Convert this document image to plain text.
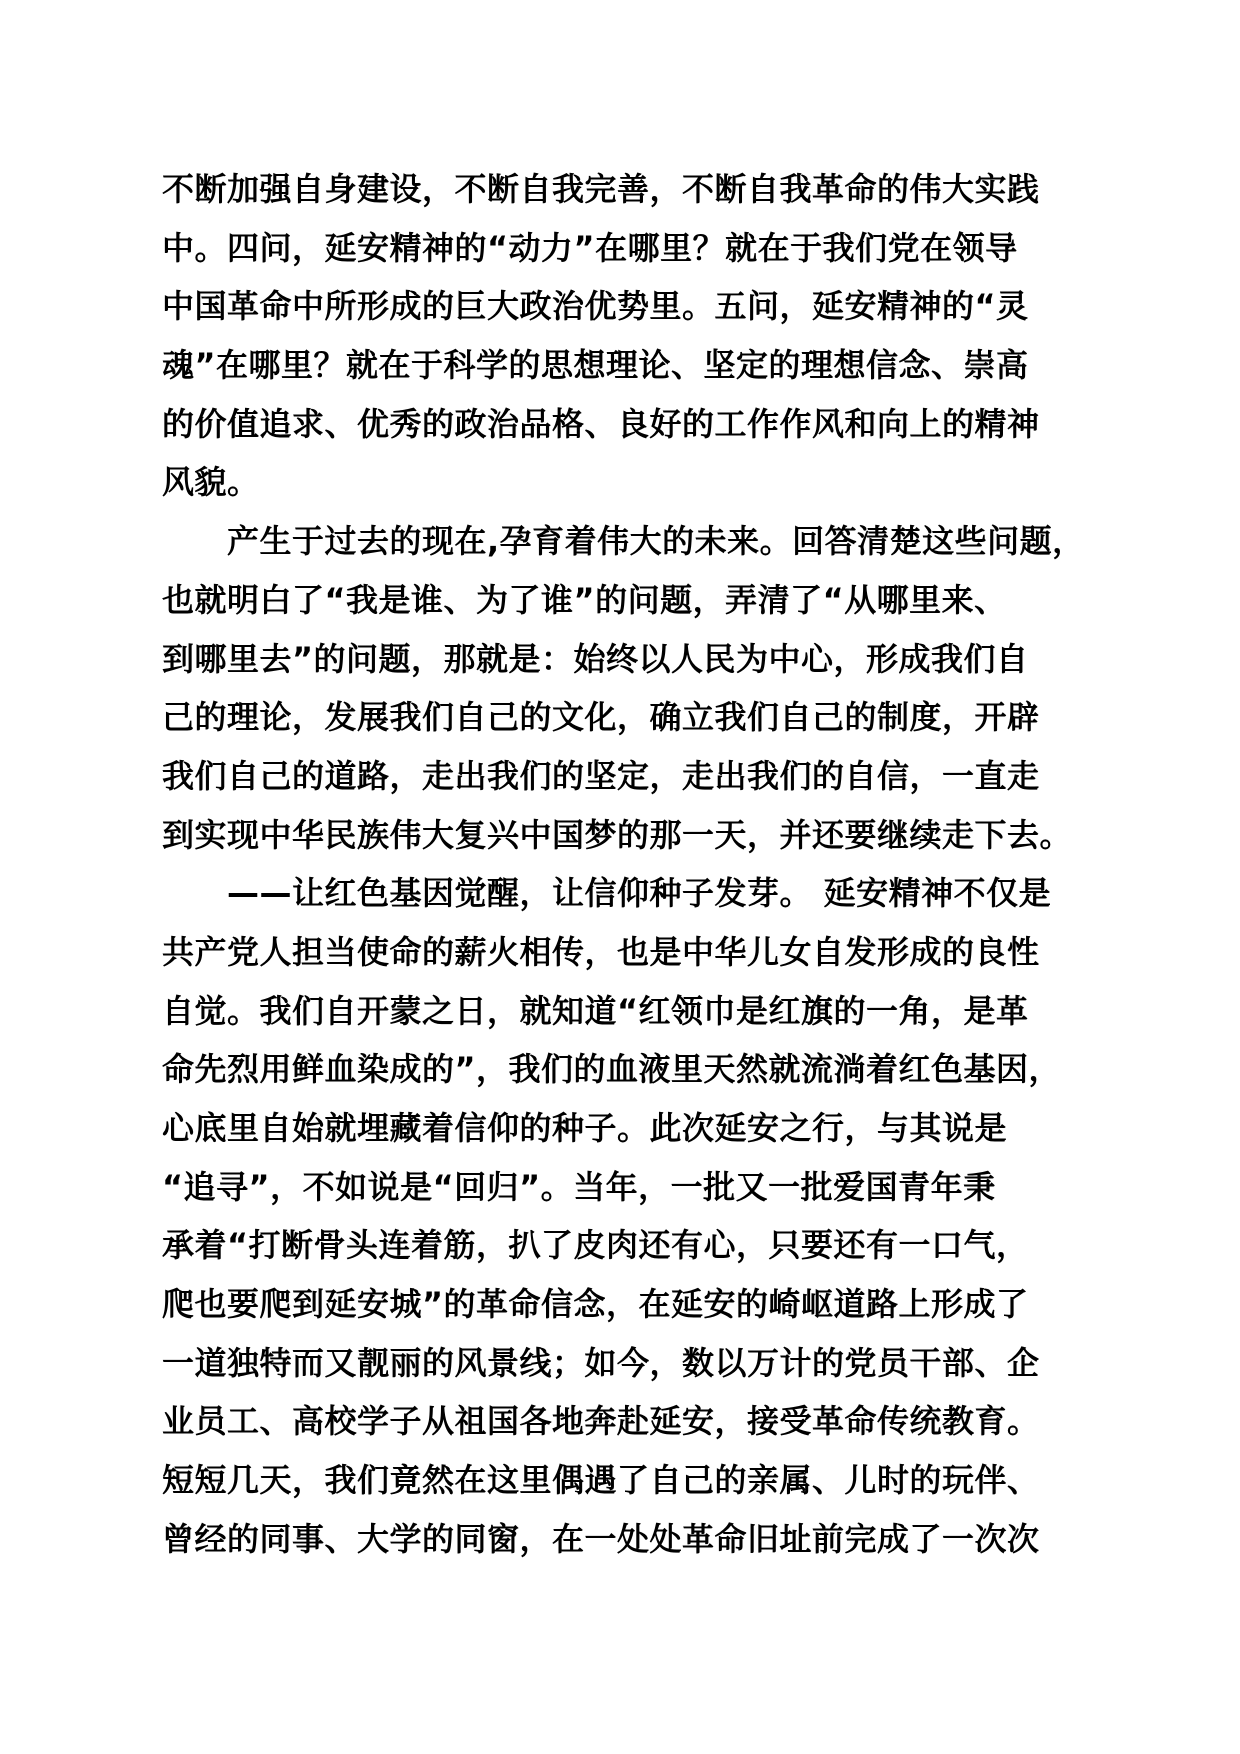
不断加强自身建设，不断自我完善，不断自我革命的伟大实践
中。四问，延安精神的“动力”在哪里？就在于我们党在领导
中国革命中所形成的巨大政治优势里。五问，延安精神的“灵
魂”在哪里？就在于科学的思想理论、坚定的理想信念、崇高
的价值追求、优秀的政治品格、良好的工作作风和向上的精神
风貌。
　　产生于过去的现在,孕育着伟大的未来。回答清楚这些问题，
也就明白了“我是谁、为了谁”的问题，弄清了“从哪里来、
到哪里去”的问题，那就是：始终以人民为中心，形成我们自
己的理论，发展我们自己的文化，确立我们自己的制度，开辟
我们自己的道路，走出我们的坚定，走出我们的自信，一直走
到实现中华民族伟大复兴中国梦的那一天，并还要继续走下去。
　　——让红色基因觉醒，让信仰种子发芽。 延安精神不仅是
共产党人担当使命的薪火相传，也是中华儿女自发形成的良性
自觉。我们自开蒙之日，就知道“红领巾是红旗的一角，是革
命先烈用鲜血染成的”，我们的血液里天然就流淌着红色基因，
心底里自始就埋藏着信仰的种子。此次延安之行，与其说是
“追寻”，不如说是“回归”。当年，一批又一批爱国青年秉
承着“打断骨头连着筋，扒了皮肉还有心，只要还有一口气，
爬也要爬到延安城”的革命信念，在延安的崎岖道路上形成了
一道独特而又靓丽的风景线；如今，数以万计的党员干部、企
业员工、高校学子从祖国各地奔赴延安，接受革命传统教育。
短短几天，我们竟然在这里偶遇了自己的亲属、儿时的玩伴、
曾经的同事、大学的同窗，在一处处革命旧址前完成了一次次
